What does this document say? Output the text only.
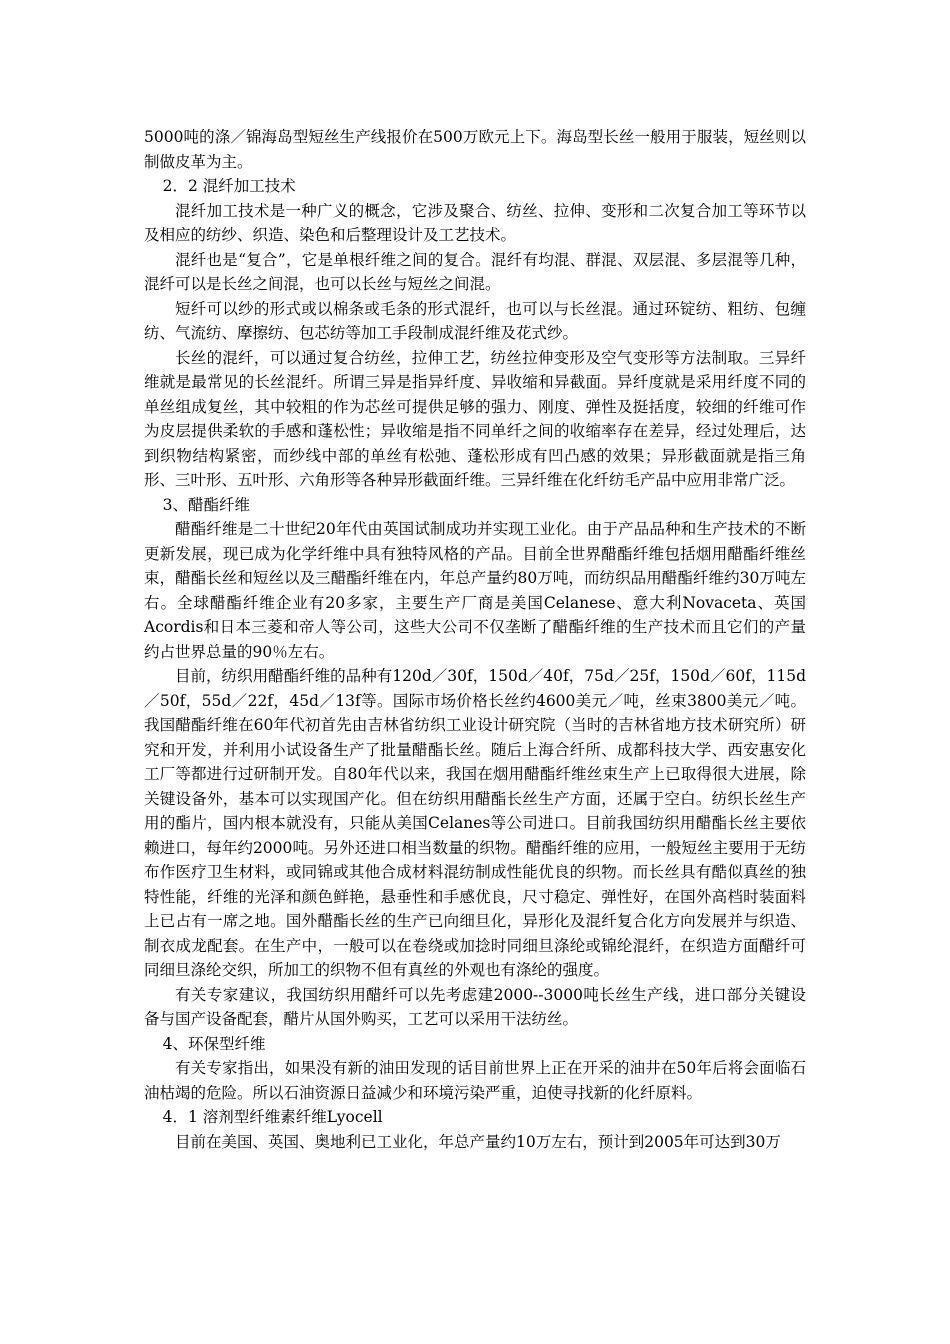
5000吨的涤／锦海岛型短丝生产线报价在500万欧元上下。海岛型长丝一般用于服装，短丝则以制做皮革为主。

2．2 混纤加工技术

混纤加工技术是一种广义的概念，它涉及聚合、纺丝、拉伸、变形和二次复合加工等环节以及相应的纺纱、织造、染色和后整理设计及工艺技术。

混纤也是“复合”，它是单根纤维之间的复合。混纤有均混、群混、双层混、多层混等几种，混纤可以是长丝之间混，也可以长丝与短丝之间混。

短纤可以纱的形式或以棉条或毛条的形式混纤，也可以与长丝混。通过环锭纺、粗纺、包缠纺、气流纺、摩擦纺、包芯纺等加工手段制成混纤维及花式纱。

长丝的混纤，可以通过复合纺丝，拉伸工艺，纺丝拉伸变形及空气变形等方法制取。三异纤维就是最常见的长丝混纤。所谓三异是指异纤度、异收缩和异截面。异纤度就是采用纤度不同的单丝组成复丝，其中较粗的作为芯丝可提供足够的强力、刚度、弹性及挺括度，较细的纤维可作为皮层提供柔软的手感和蓬松性；异收缩是指不同单纤之间的收缩率存在差异，经过处理后，达到织物结构紧密，而纱线中部的单丝有松弛、蓬松形成有凹凸感的效果；异形截面就是指三角形、三叶形、五叶形、六角形等各种异形截面纤维。三异纤维在化纤纺毛产品中应用非常广泛。

3、醋酯纤维

醋酯纤维是二十世纪20年代由英国试制成功并实现工业化。由于产品品种和生产技术的不断更新发展，现已成为化学纤维中具有独特风格的产品。目前全世界醋酯纤维包括烟用醋酯纤维丝束，醋酯长丝和短丝以及三醋酯纤维在内，年总产量约80万吨，而纺织品用醋酯纤维约30万吨左右。全球醋酯纤维企业有20多家，主要生产厂商是美国Celanese、意大利Novaceta、英国Acordis和日本三菱和帝人等公司，这些大公司不仅垄断了醋酯纤维的生产技术而且它们的产量约占世界总量的90％左右。

目前，纺织用醋酯纤维的品种有120d／30f，150d／40f，75d／25f，150d／60f，115d／50f，55d／22f，45d／13f等。国际市场价格长丝约4600美元／吨，丝束3800美元／吨。我国醋酯纤维在60年代初首先由吉林省纺织工业设计研究院（当时的吉林省地方技术研究所）研究和开发，并利用小试设备生产了批量醋酯长丝。随后上海合纤所、成都科技大学、西安惠安化工厂等都进行过研制开发。自80年代以来，我国在烟用醋酯纤维丝束生产上已取得很大进展，除关键设备外，基本可以实现国产化。但在纺织用醋酯长丝生产方面，还属于空白。纺织长丝生产用的酯片，国内根本就没有，只能从美国Celanes等公司进口。目前我国纺织用醋酯长丝主要依赖进口，每年约2000吨。另外还进口相当数量的织物。醋酯纤维的应用，一般短丝主要用于无纺布作医疗卫生材料，或同锦或其他合成材料混纺制成性能优良的织物。而长丝具有酷似真丝的独特性能，纤维的光泽和颜色鲜艳，悬垂性和手感优良，尺寸稳定、弹性好，在国外高档时装面料上已占有一席之地。国外醋酯长丝的生产已向细旦化，异形化及混纤复合化方向发展并与织造、制衣成龙配套。在生产中，一般可以在卷绕或加捻时同细旦涤纶或锦纶混纤，在织造方面醋纤可同细旦涤纶交织，所加工的织物不但有真丝的外观也有涤纶的强度。

有关专家建议，我国纺织用醋纤可以先考虑建2000--3000吨长丝生产线，进口部分关键设备与国产设备配套，醋片从国外购买，工艺可以采用干法纺丝。

4、环保型纤维

有关专家指出，如果没有新的油田发现的话目前世界上正在开采的油井在50年后将会面临石油枯竭的危险。所以石油资源日益减少和环境污染严重，迫使寻找新的化纤原料。

4．1 溶剂型纤维素纤维Lyocell

目前在美国、英国、奥地利已工业化，年总产量约10万左右，预计到2005年可达到30万
